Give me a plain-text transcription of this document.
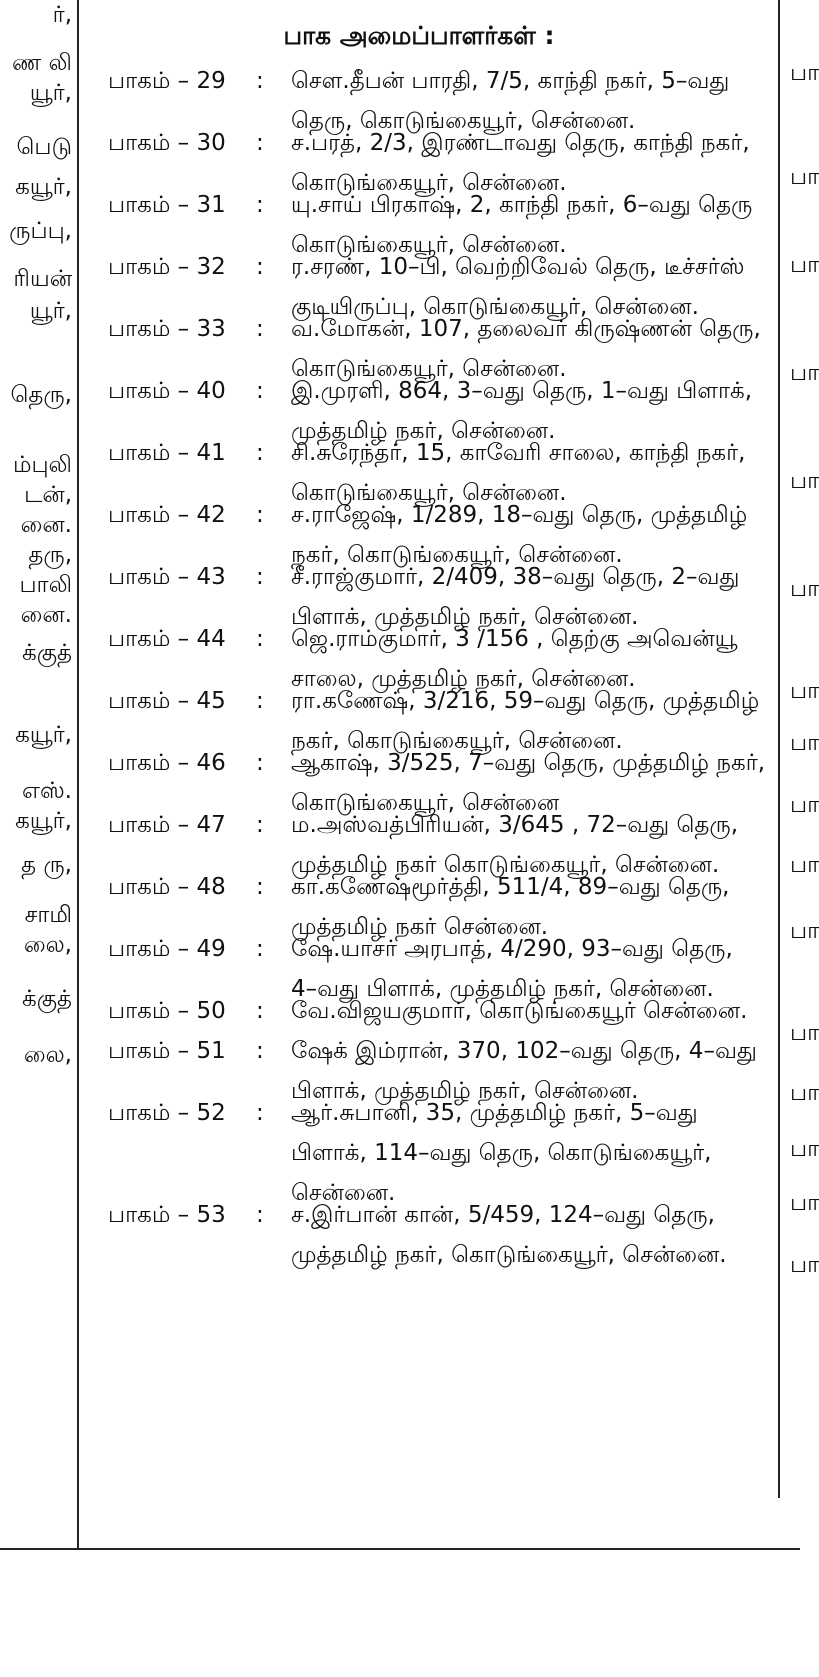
பாக அமைப்பாளர்கள் :
பாகம் – 29 : சௌ.தீபன் பாரதி, 7/5, காந்தி நகர், 5–வது
தெரு, கொடுங்கையூர், சென்னை.
பாகம் – 30 : ச.பரத், 2/3, இரண்டாவது தெரு, காந்தி நகர்,
கொடுங்கையூர், சென்னை.
பாகம் – 31 : யு.சாய் பிரகாஷ், 2, காந்தி நகர், 6–வது தெரு
கொடுங்கையூர், சென்னை.
பாகம் – 32 : ர.சரண், 10–பி, வெற்றிவேல் தெரு, டீச்சர்ஸ்
குடியிருப்பு, கொடுங்கையூர், சென்னை.
பாகம் – 33 : வ.மோகன், 107, தலைவர் கிருஷ்ணன் தெரு,
கொடுங்கையூர், சென்னை.
பாகம் – 40 : இ.முரளி, 864, 3–வது தெரு, 1–வது பிளாக்,
முத்தமிழ் நகர், சென்னை.
பாகம் – 41 : சி.சுரேந்தர், 15, காவேரி சாலை, காந்தி நகர்,
கொடுங்கையூர், சென்னை.
பாகம் – 42 : ச.ராஜேஷ், 1/289, 18–வது தெரு, முத்தமிழ்
நகர், கொடுங்கையூர், சென்னை.
பாகம் – 43 : சீ.ராஜ்குமார், 2/409, 38–வது தெரு, 2–வது
பிளாக், முத்தமிழ் நகர், சென்னை.
பாகம் – 44 : ஜெ.ராம்குமார், 3 /156 , தெற்கு அவென்யூ
சாலை, முத்தமிழ் நகர், சென்னை.
பாகம் – 45 : ரா.கணேஷ், 3/216, 59–வது தெரு, முத்தமிழ்
நகர், கொடுங்கையூர், சென்னை.
பாகம் – 46 : ஆகாஷ், 3/525, 7–வது தெரு, முத்தமிழ் நகர்,
கொடுங்கையூர், சென்னை
பாகம் – 47 : ம.அஸ்வத்பிரியன், 3/645 , 72–வது தெரு,
முத்தமிழ் நகர் கொடுங்கையூர், சென்னை.
பாகம் – 48 : கா.கணேஷ்மூர்த்தி, 511/4, 89–வது தெரு,
முத்தமிழ் நகர் சென்னை.
பாகம் – 49 : ஷே.யாசர் அரபாத், 4/290, 93–வது தெரு,
4–வது பிளாக், முத்தமிழ் நகர், சென்னை.
பாகம் – 50 : வே.விஜயகுமார், கொடுங்கையூர் சென்னை.
பாகம் – 51 : ஷேக் இம்ரான், 370, 102–வது தெரு, 4–வது
பிளாக், முத்தமிழ் நகர், சென்னை.
பாகம் – 52 : ஆர்.சுபானி, 35, முத்தமிழ் நகர், 5–வது
பிளாக், 114–வது தெரு, கொடுங்கையூர்,
சென்னை.
பாகம் – 53 : ச.இர்பான் கான், 5/459, 124–வது தெரு,
முத்தமிழ் நகர், கொடுங்கையூர், சென்னை.
ர்,
ண லி
யூர்,
பெடு
கயூர்,
ருப்பு,
ரியன்
யூர்,
தெரு,
ம்புலி
டன்,
னை.
தரு,
பாலி
னை.
க்குத்
கயூர்,
எஸ்.
கயூர்,
த ரு,
சாமி
லை,
க்குத்
லை,
பா
பா
பா
பா
பா
பா
பா
பா
பா
பா
பா
பா
பா
பா
பா
பா
